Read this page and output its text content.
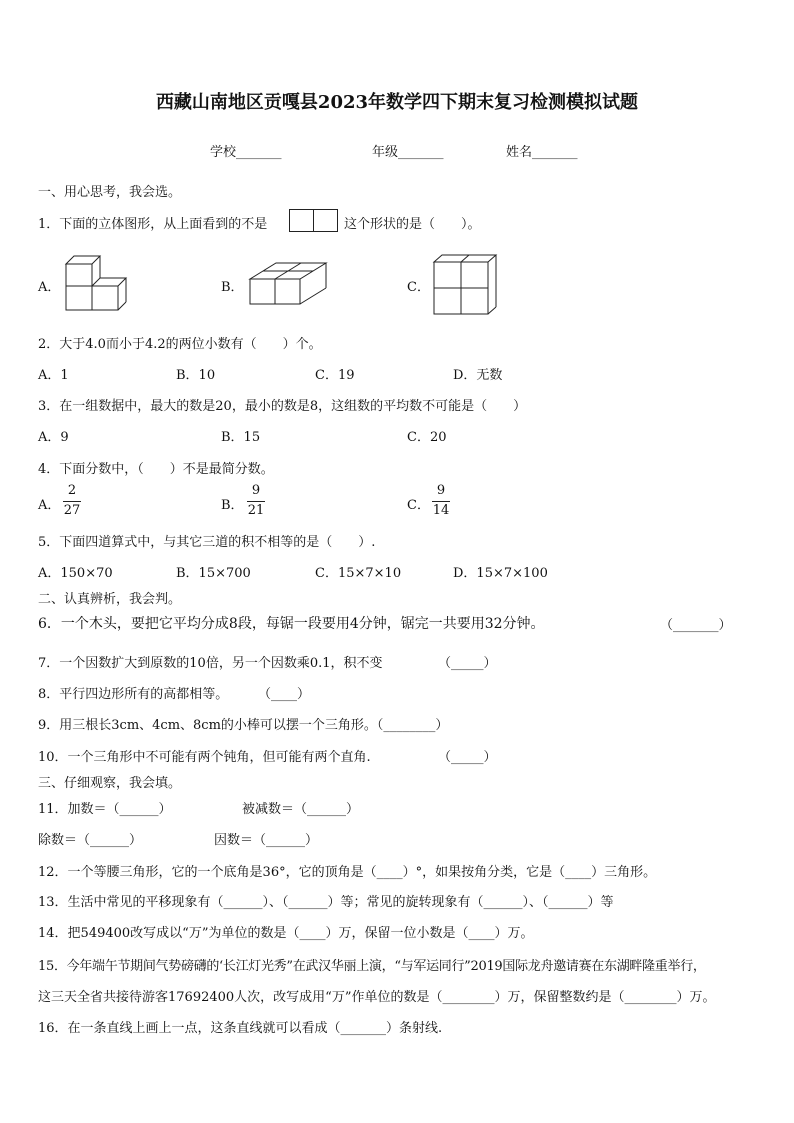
西藏山南地区贡嘎县2023年数学四下期末复习检测模拟试题
学校_______	年级_______	姓名_______
一、用心思考，我会选。
1．下面的立体图形，从上面看到的不是	这个形状的是（　　）。
A．	B．	C．
2．大于4.0而小于4.2的两位小数有（　　）个。
A．1	B．10	C．19	D．无数
3．在一组数据中，最大的数是20，最小的数是8，这组数的平均数不可能是（　　）
A．9	B．15	C．20
4．下面分数中，（　　）不是最简分数。
A．
2
27	B．
9
21	C．
9
14
5．下面四道算式中，与其它三道的积不相等的是（　　）.
A．150×70	B．15×700	C．15×7×10	D．15×7×100
二、认真辨析，我会判。
6．一个木头，要把它平均分成8段，每锯一段要用4分钟，锯完一共要用32分钟。	（_______）
7．一个因数扩大到原数的10倍，另一个因数乘0.1，积不变	（_____）
8．平行四边形所有的高都相等。 （____）
9．用三根长3cm、4cm、8cm的小棒可以摆一个三角形。（________）
10．一个三角形中不可能有两个钝角，但可能有两个直角.	（_____）
三、仔细观察，我会填。
11．加数＝（______）	被减数＝（______）
除数＝（______）	因数＝（______）
12．一个等腰三角形，它的一个底角是36°，它的顶角是（____）°，如果按角分类，它是（____）三角形。
13．生活中常见的平移现象有（______）、（______）等；常见的旋转现象有（______）、（______）等
14．把549400改写成以“万”为单位的数是（____）万，保留一位小数是（____）万。
15．今年端午节期间气势磅礴的‘长江灯光秀”在武汉华丽上演，“与军运同行”2019国际龙舟邀请赛在东湖畔隆重举行，
这三天全省共接待游客17692400人次，改写成用“万”作单位的数是（________）万，保留整数约是（________）万。
16．在一条直线上画上一点，这条直线就可以看成（_______）条射线.
